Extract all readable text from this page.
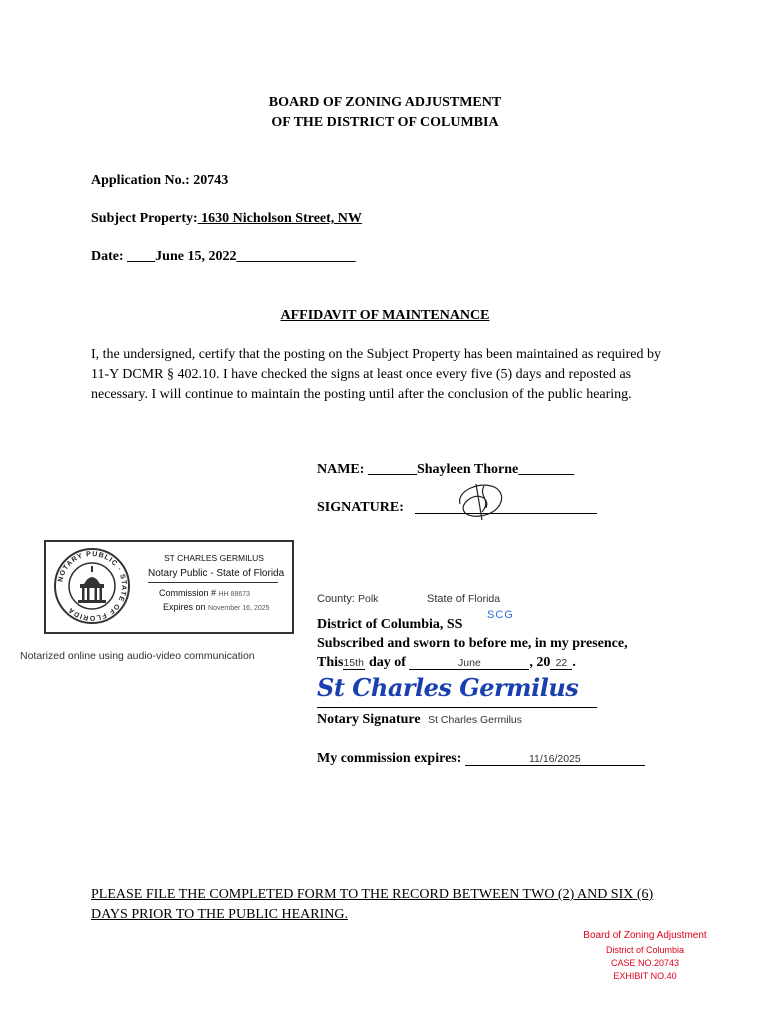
BOARD OF ZONING ADJUSTMENT
OF THE DISTRICT OF COLUMBIA
Application No.: 20743
Subject Property: 1630 Nicholson Street, NW
Date: ____June 15, 2022_________________
AFFIDAVIT OF MAINTENANCE
I, the undersigned, certify that the posting on the Subject Property has been maintained as required by 11-Y DCMR § 402.10. I have checked the signs at least once every five (5) days and reposted as necessary. I will continue to maintain the posting until after the conclusion of the public hearing.
NAME: _______Shayleen Thorne________
SIGNATURE:
NOTARY PUBLIC · STATE OF FLORIDA
ST CHARLES GERMILUS
Notary Public - State of Florida
Commission # HH 88673
Expires on November 16, 2025
Notarized online using audio-video communication
County: Polk	State of Florida
SCG
District of Columbia, SS
Subscribed and sworn to before me, in my presence,
This15th day of	June	, 20 22 .
St Charles Germilus
Notary Signature St Charles Germilus
My commission expires:	11/16/2025
PLEASE FILE THE COMPLETED FORM TO THE RECORD BETWEEN TWO (2) AND SIX (6) DAYS PRIOR TO THE PUBLIC HEARING.
Board of Zoning Adjustment
District of Columbia
CASE NO.20743
EXHIBIT NO.40
